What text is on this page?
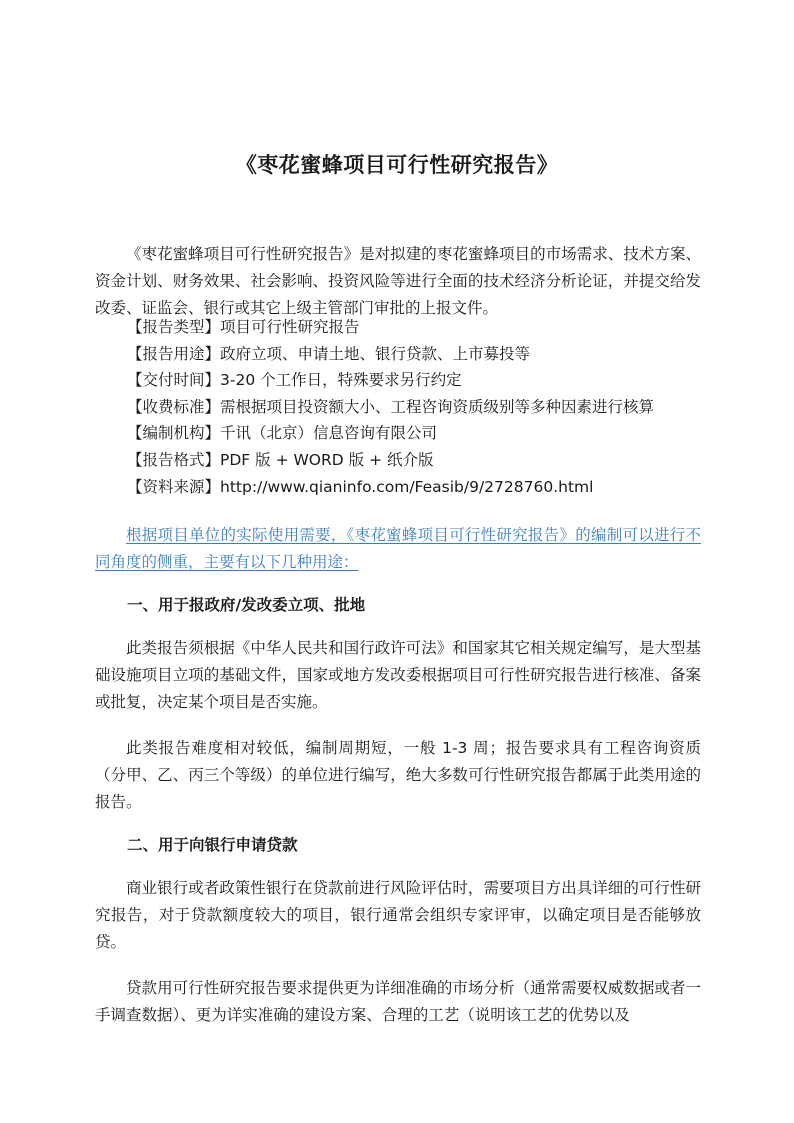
《枣花蜜蜂项目可行性研究报告》

《枣花蜜蜂项目可行性研究报告》是对拟建的枣花蜜蜂项目的市场需求、技术方案、资金计划、财务效果、社会影响、投资风险等进行全面的技术经济分析论证，并提交给发改委、证监会、银行或其它上级主管部门审批的上报文件。

【报告类型】项目可行性研究报告
【报告用途】政府立项、申请土地、银行贷款、上市募投等
【交付时间】3-20 个工作日，特殊要求另行约定
【收费标准】需根据项目投资额大小、工程咨询资质级别等多种因素进行核算
【编制机构】千讯（北京）信息咨询有限公司
【报告格式】PDF 版 + WORD 版 + 纸介版
【资料来源】http://www.qianinfo.com/Feasib/9/2728760.html

根据项目单位的实际使用需要，《枣花蜜蜂项目可行性研究报告》的编制可以进行不同角度的侧重，主要有以下几种用途：

一、用于报政府/发改委立项、批地

此类报告须根据《中华人民共和国行政许可法》和国家其它相关规定编写，是大型基础设施项目立项的基础文件，国家或地方发改委根据项目可行性研究报告进行核准、备案或批复，决定某个项目是否实施。

此类报告难度相对较低，编制周期短，一般 1-3 周；报告要求具有工程咨询资质（分甲、乙、丙三个等级）的单位进行编写，绝大多数可行性研究报告都属于此类用途的报告。

二、用于向银行申请贷款

商业银行或者政策性银行在贷款前进行风险评估时，需要项目方出具详细的可行性研究报告，对于贷款额度较大的项目，银行通常会组织专家评审，以确定项目是否能够放贷。

贷款用可行性研究报告要求提供更为详细准确的市场分析（通常需要权威数据或者一手调查数据）、更为详实准确的建设方案、合理的工艺（说明该工艺的优势以及
